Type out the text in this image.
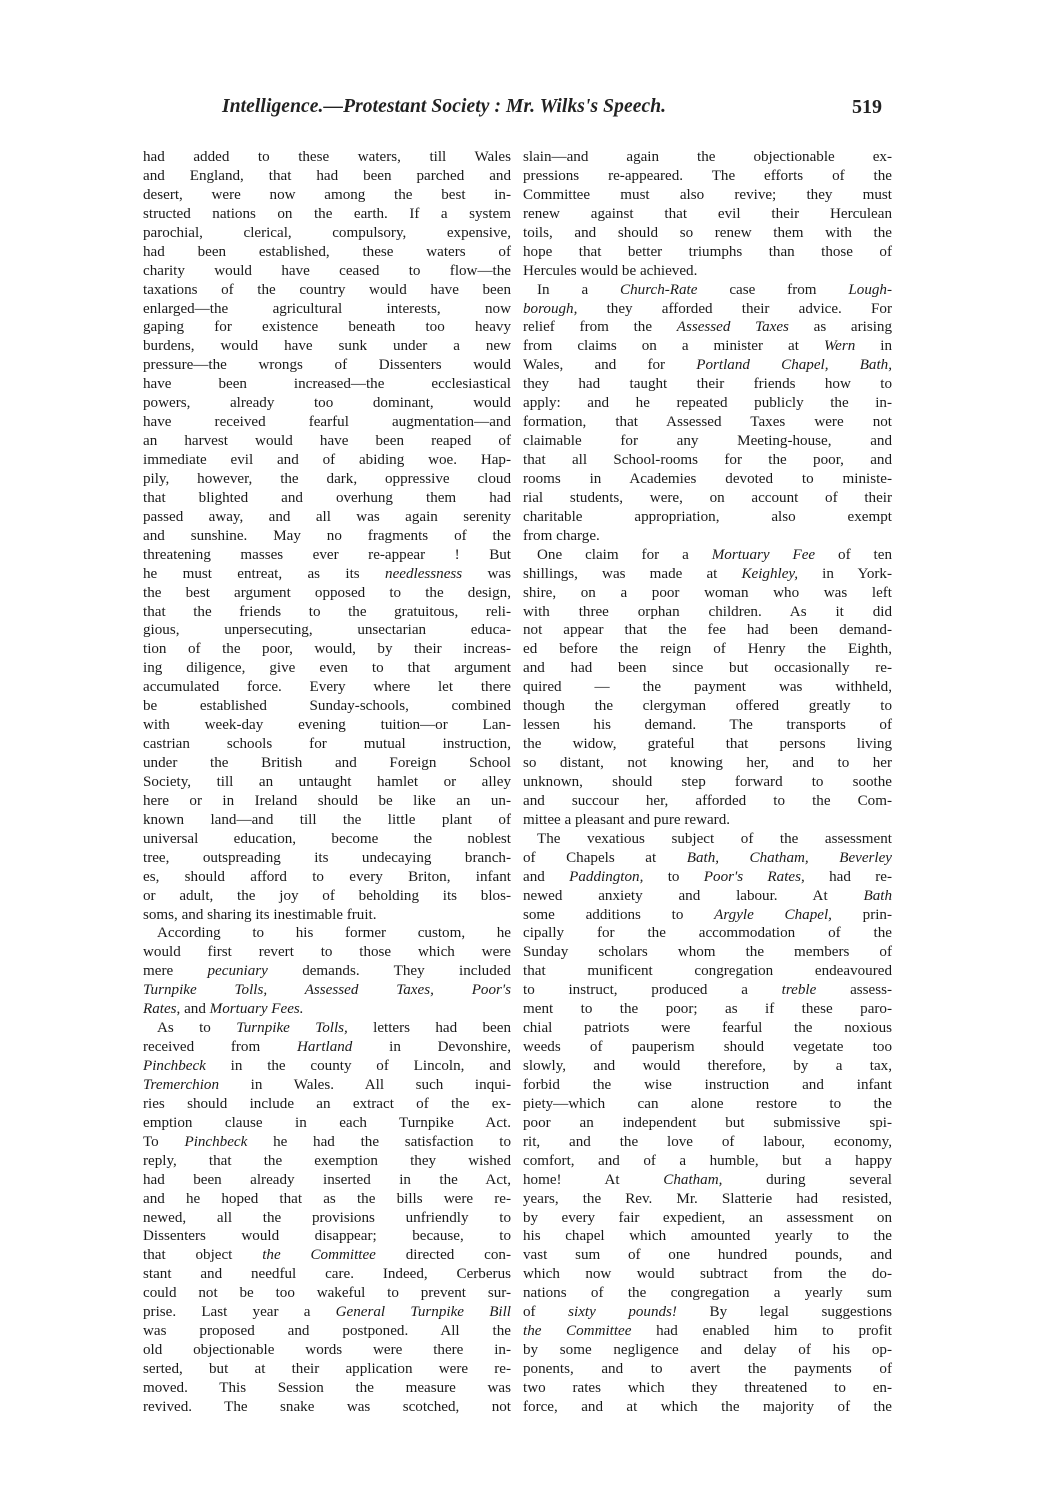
Intelligence.—Protestant Society : Mr. Wilks's Speech.	519
had added to these waters, till Wales
and England, that had been parched and
desert, were now among the best in-
structed nations on the earth. If a system
parochial, clerical, compulsory, expensive,
had been established, these waters of
charity would have ceased to flow—the
taxations of the country would have been
enlarged—the agricultural interests, now
gaping for existence beneath too heavy
burdens, would have sunk under a new
pressure—the wrongs of Dissenters would
have been increased—the ecclesiastical
powers, already too dominant, would
have received fearful augmentation—and
an harvest would have been reaped of
immediate evil and of abiding woe. Hap-
pily, however, the dark, oppressive cloud
that blighted and overhung them had
passed away, and all was again serenity
and sunshine. May no fragments of the
threatening masses ever re-appear ! But
he must entreat, as its needlessness was
the best argument opposed to the design,
that the friends to the gratuitous, reli-
gious, unpersecuting, unsectarian educa-
tion of the poor, would, by their increas-
ing diligence, give even to that argument
accumulated force. Every where let there
be established Sunday-schools, combined
with week-day evening tuition—or Lan-
castrian schools for mutual instruction,
under the British and Foreign School
Society, till an untaught hamlet or alley
here or in Ireland should be like an un-
known land—and till the little plant of
universal education, become the noblest
tree, outspreading its undecaying branch-
es, should afford to every Briton, infant
or adult, the joy of beholding its blos-
soms, and sharing its inestimable fruit.
According to his former custom, he
would first revert to those which were
mere pecuniary demands. They included
Turnpike Tolls, Assessed Taxes, Poor's
Rates, and Mortuary Fees.
As to Turnpike Tolls, letters had been
received from Hartland in Devonshire,
Pinchbeck in the county of Lincoln, and
Tremerchion in Wales. All such inqui-
ries should include an extract of the ex-
emption clause in each Turnpike Act.
To Pinchbeck he had the satisfaction to
reply, that the exemption they wished
had been already inserted in the Act,
and he hoped that as the bills were re-
newed, all the provisions unfriendly to
Dissenters would disappear; because, to
that object the Committee directed con-
stant and needful care. Indeed, Cerberus
could not be too wakeful to prevent sur-
prise. Last year a General Turnpike Bill
was proposed and postponed. All the
old objectionable words were there in-
serted, but at their application were re-
moved. This Session the measure was
revived. The snake was scotched, not
slain—and again the objectionable ex-
pressions re-appeared. The efforts of the
Committee must also revive; they must
renew against that evil their Herculean
toils, and should so renew them with the
hope that better triumphs than those of
Hercules would be achieved.
In a Church-Rate case from Lough-
borough, they afforded their advice. For
relief from the Assessed Taxes as arising
from claims on a minister at Wern in
Wales, and for Portland Chapel, Bath,
they had taught their friends how to
apply: and he repeated publicly the in-
formation, that Assessed Taxes were not
claimable for any Meeting-house, and
that all School-rooms for the poor, and
rooms in Academies devoted to ministe-
rial students, were, on account of their
charitable appropriation, also exempt
from charge.
One claim for a Mortuary Fee of ten
shillings, was made at Keighley, in York-
shire, on a poor woman who was left
with three orphan children. As it did
not appear that the fee had been demand-
ed before the reign of Henry the Eighth,
and had been since but occasionally re-
quired — the payment was withheld,
though the clergyman offered greatly to
lessen his demand. The transports of
the widow, grateful that persons living
so distant, not knowing her, and to her
unknown, should step forward to soothe
and succour her, afforded to the Com-
mittee a pleasant and pure reward.
The vexatious subject of the assessment
of Chapels at Bath, Chatham, Beverley
and Paddington, to Poor's Rates, had re-
newed anxiety and labour. At Bath
some additions to Argyle Chapel, prin-
cipally for the accommodation of the
Sunday scholars whom the members of
that munificent congregation endeavoured
to instruct, produced a treble assess-
ment to the poor; as if these paro-
chial patriots were fearful the noxious
weeds of pauperism should vegetate too
slowly, and would therefore, by a tax,
forbid the wise instruction and infant
piety—which can alone restore to the
poor an independent but submissive spi-
rit, and the love of labour, economy,
comfort, and of a humble, but a happy
home! At Chatham, during several
years, the Rev. Mr. Slatterie had resisted,
by every fair expedient, an assessment on
his chapel which amounted yearly to the
vast sum of one hundred pounds, and
which now would subtract from the do-
nations of the congregation a yearly sum
of sixty pounds! By legal suggestions
the Committee had enabled him to profit
by some negligence and delay of his op-
ponents, and to avert the payments of
two rates which they threatened to en-
force, and at which the majority of the
